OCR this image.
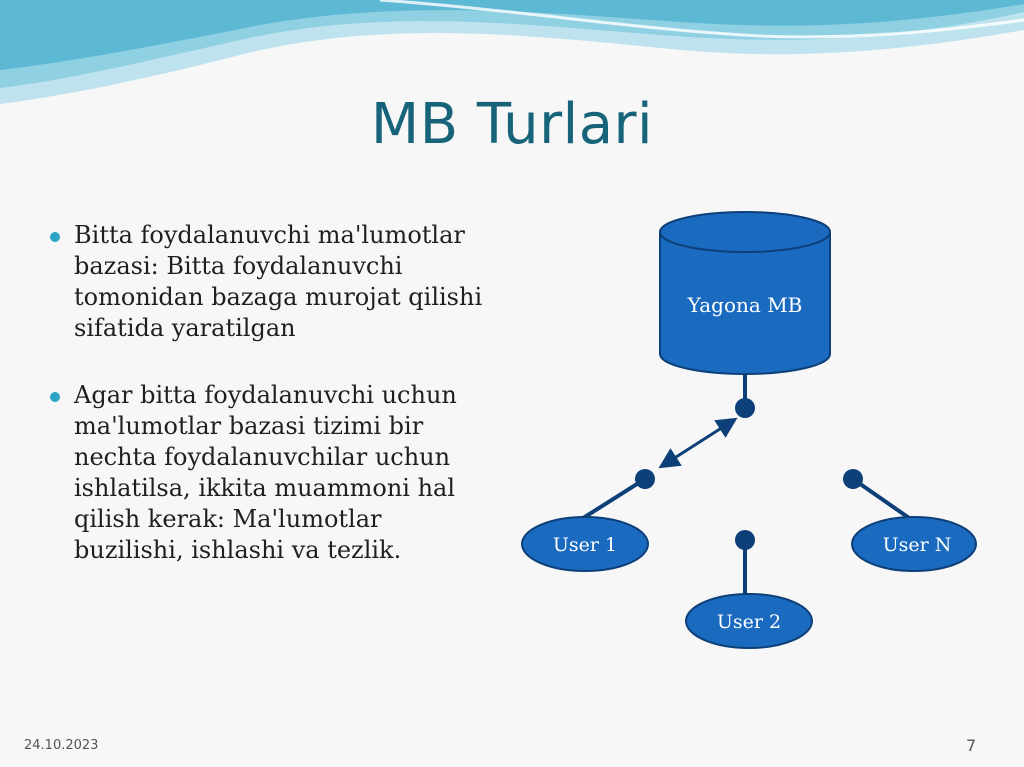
MB Turlari
Bitta foydalanuvchi ma'lumotlar bazasi: Bitta foydalanuvchi tomonidan bazaga murojat qilishi sifatida yaratilgan
Agar bitta foydalanuvchi uchun ma'lumotlar bazasi tizimi bir nechta foydalanuvchilar uchun ishlatilsa, ikkita muammoni hal qilish kerak: Ma'lumotlar buzilishi, ishlashi va tezlik.
Yagona MB
User 1
User 2
User N
24.10.2023	7
